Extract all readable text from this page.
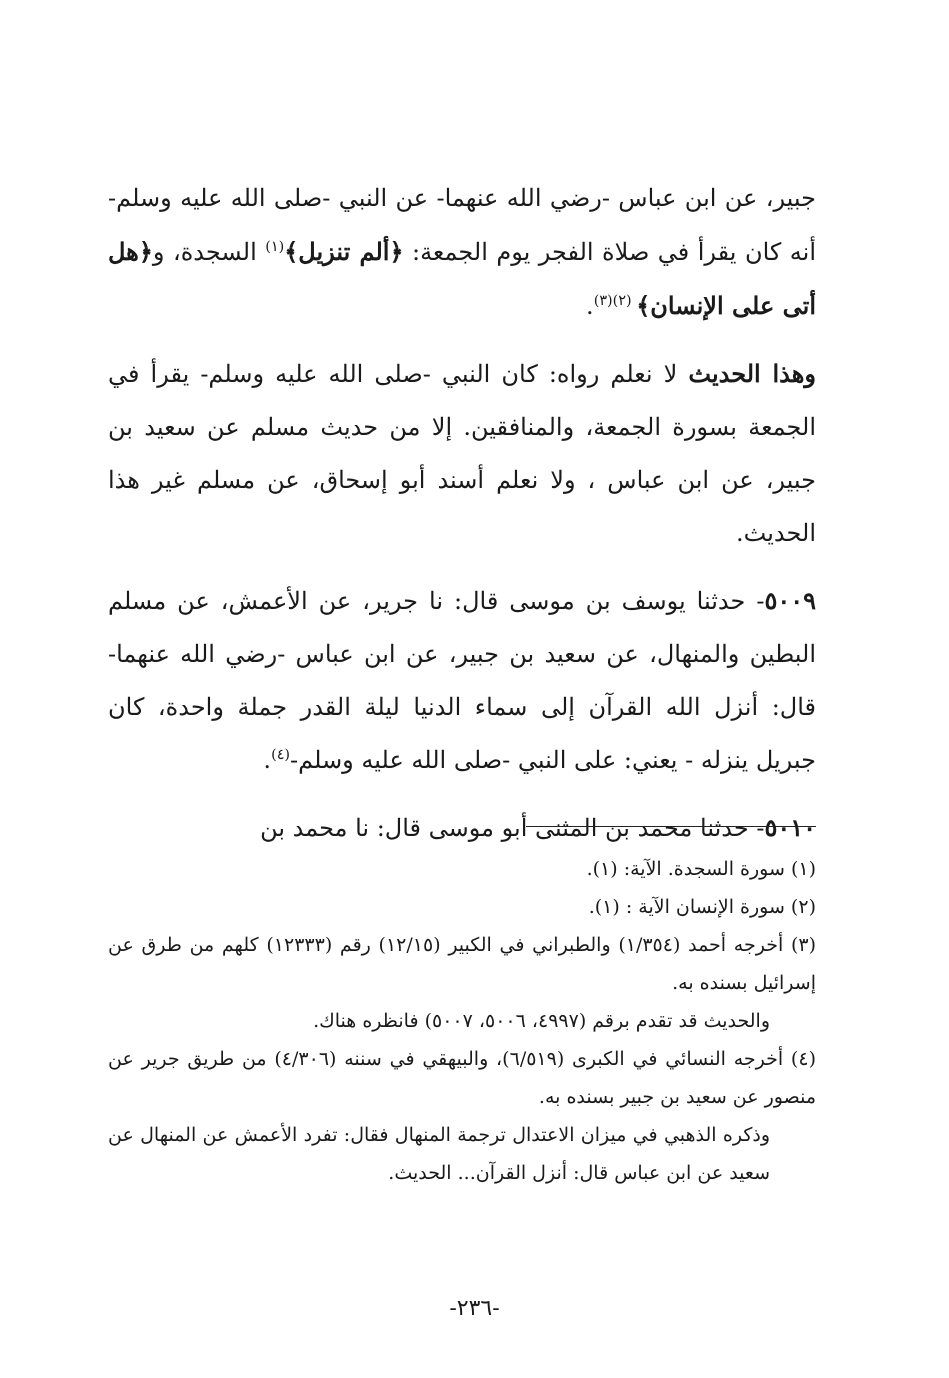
جبير، عن ابن عباس -رضي الله عنهما- عن النبي -صلى الله عليه وسلم- أنه كان يقرأ في صلاة الفجر يوم الجمعة: ﴿ألم تنزيل﴾$^{(١)}$ السجدة، و﴿هل أتى على الإنسان﴾ $^{(٢)(٣)}$.

وهذا الحديث لا نعلم رواه: كان النبي -صلى الله عليه وسلم- يقرأ في الجمعة بسورة الجمعة، والمنافقين. إلا من حديث مسلم عن سعيد بن جبير، عن ابن عباس ، ولا نعلم أسند أبو إسحاق، عن مسلم غير هذا الحديث.

٥٠٠٩- حدثنا يوسف بن موسى قال: نا جرير، عن الأعمش، عن مسلم البطين والمنهال، عن سعيد بن جبير، عن ابن عباس -رضي الله عنهما- قال: أنزل الله القرآن إلى سماء الدنيا ليلة القدر جملة واحدة، كان جبريل ينزله - يعني: على النبي -صلى الله عليه وسلم-$^{(٤)}$.

٥٠١٠- حدثنا محمد بن المثنى أبو موسى قال: نا محمد بن

(١) سورة السجدة. الآية: (١).

(٢) سورة الإنسان الآية : (١).

(٣) أخرجه أحمد (١/٣٥٤) والطبراني في الكبير (١٢/١٥) رقم (١٢٣٣٣) كلهم من طرق عن إسرائيل بسنده به.

والحديث قد تقدم برقم (٤٩٩٧، ٥٠٠٦، ٥٠٠٧) فانظره هناك.

(٤) أخرجه النسائي في الكبرى (٦/٥١٩)، والبيهقي في سننه (٤/٣٠٦) من طريق جرير عن منصور عن سعيد بن جبير بسنده به.

وذكره الذهبي في ميزان الاعتدال ترجمة المنهال فقال: تفرد الأعمش عن المنهال عن سعيد عن ابن عباس قال: أنزل القرآن... الحديث.

-٢٣٦-
